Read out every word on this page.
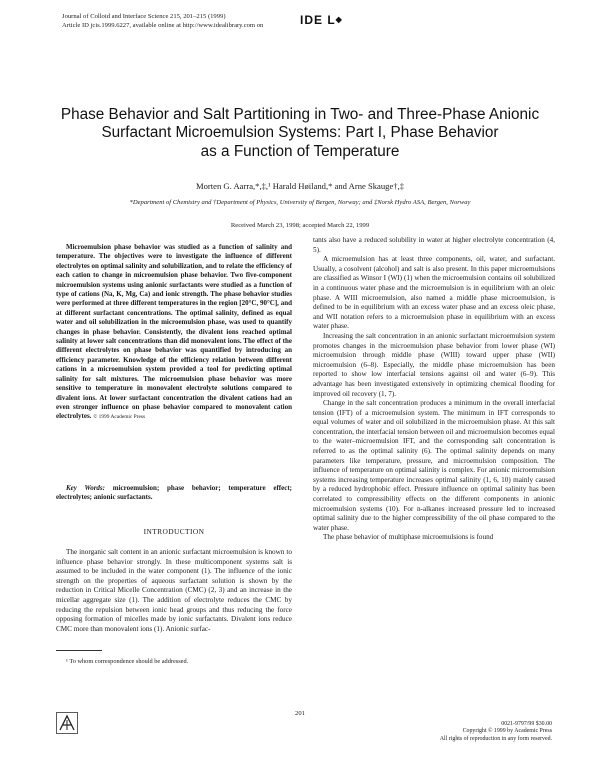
Journal of Colloid and Interface Science 215, 201–215 (1999)
Article ID jcis.1999.6227, available online at http://www.idealibrary.com on	IDE L◆
Phase Behavior and Salt Partitioning in Two- and Three-Phase Anionic
Surfactant Microemulsion Systems: Part I, Phase Behavior
as a Function of Temperature
Morten G. Aarra,*,‡,¹ Harald Høiland,* and Arne Skauge†,‡
*Department of Chemistry and †Department of Physics, University of Bergen, Norway; and ‡Norsk Hydro ASA, Bergen, Norway
Received March 23, 1998; accepted March 22, 1999

Microemulsion phase behavior was studied as a function of salinity and temperature. The objectives were to investigate the influence of different electrolytes on optimal salinity and solubilization, and to relate the efficiency of each cation to change in microemulsion phase behavior. Two five-component microemulsion systems using anionic surfactants were studied as a function of type of cations (Na, K, Mg, Ca) and ionic strength. The phase behavior studies were performed at three different temperatures in the region [20°C, 90°C], and at different surfactant concentrations. The optimal salinity, defined as equal water and oil solubilization in the microemulsion phase, was used to quantify changes in phase behavior. Consistently, the divalent ions reached optimal salinity at lower salt concentrations than did monovalent ions. The effect of the different electrolytes on phase behavior was quantified by introducing an efficiency parameter. Knowledge of the efficiency relation between different cations in a microemulsion system provided a tool for predicting optimal salinity for salt mixtures. The microemulsion phase behavior was more sensitive to temperature in monovalent electrolyte solutions compared to divalent ions. At lower surfactant concentration the divalent cations had an even stronger influence on phase behavior compared to monovalent cation electrolytes. © 1999 Academic Press

Key Words: microemulsion; phase behavior; temperature effect; electrolytes; anionic surfactants.
INTRODUCTION

The inorganic salt content in an anionic surfactant microemulsion is known to influence phase behavior strongly. In these multicomponent systems salt is assumed to be included in the water component (1). The influence of the ionic strength on the properties of aqueous surfactant solution is shown by the reduction in Critical Micelle Concentration (CMC) (2, 3) and an increase in the micellar aggregate size (1). The addition of electrolyte reduces the CMC by reducing the repulsion between ionic head groups and thus reducing the force opposing formation of micelles made by ionic surfactants. Divalent ions reduce CMC more than monovalent ions (1). Anionic surfac-

tants also have a reduced solubility in water at higher electrolyte concentration (4, 5).

A microemulsion has at least three components, oil, water, and surfactant. Usually, a cosolvent (alcohol) and salt is also present. In this paper microemulsions are classified as Winsor I (WI) (1) when the microemulsion contains oil solubilized in a continuous water phase and the microemulsion is in equilibrium with an oleic phase. A WIII microemulsion, also named a middle phase microemulsion, is defined to be in equilibrium with an excess water phase and an excess oleic phase, and WII notation refers to a microemulsion phase in equilibrium with an excess water phase.

Increasing the salt concentration in an anionic surfactant microemulsion system promotes changes in the microemulsion phase behavior from lower phase (WI) microemulsion through middle phase (WIII) toward upper phase (WII) microemulsion (6–8). Especially, the middle phase microemulsion has been reported to show low interfacial tensions against oil and water (6–9). This advantage has been investigated extensively in optimizing chemical flooding for improved oil recovery (1, 7).

Change in the salt concentration produces a minimum in the overall interfacial tension (IFT) of a microemulsion system. The minimum in IFT corresponds to equal volumes of water and oil solubilized in the microemulsion phase. At this salt concentration, the interfacial tension between oil and microemulsion becomes equal to the water–microemulsion IFT, and the corresponding salt concentration is referred to as the optimal salinity (6). The optimal salinity depends on many parameters like temperature, pressure, and microemulsion composition. The influence of temperature on optimal salinity is complex. For anionic microemulsion systems increasing temperature increases optimal salinity (1, 6, 10) mainly caused by a reduced hydrophobic effect. Pressure influence on optimal salinity has been correlated to compressibility effects on the different components in anionic microemulsion systems (10). For n-alkanes increased pressure led to increased optimal salinity due to the higher compressibility of the oil phase compared to the water phase.

The phase behavior of multiphase microemulsions is found

¹ To whom correspondence should be addressed.
201
0021-9797/99 $30.00
Copyright © 1999 by Academic Press
All rights of reproduction in any form reserved.
